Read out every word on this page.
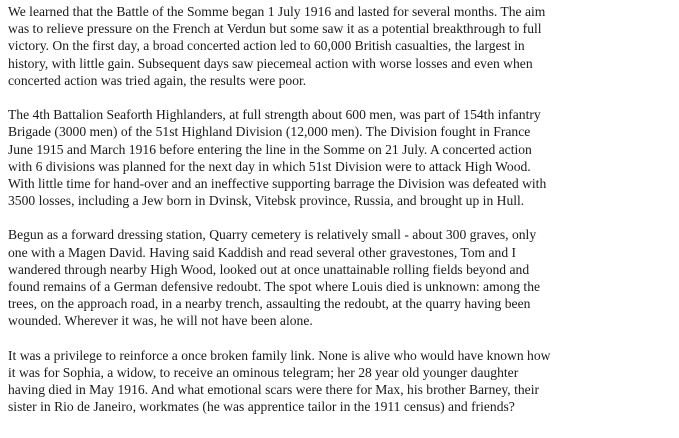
We learned that the Battle of the Somme began 1 July 1916 and lasted for several months. The aim
was to relieve pressure on the French at Verdun but some saw it as a potential breakthrough to full
victory. On the first day, a broad concerted action led to 60,000 British casualties, the largest in
history, with little gain. Subsequent days saw piecemeal action with worse losses and even when
concerted action was tried again, the results were poor.
The 4th Battalion Seaforth Highlanders, at full strength about 600 men, was part of 154th infantry
Brigade (3000 men) of the 51st Highland Division (12,000 men). The Division fought in France
June 1915 and March 1916 before entering the line in the Somme on 21 July. A concerted action
with 6 divisions was planned for the next day in which 51st Division were to attack High Wood.
With little time for hand-over and an ineffective supporting barrage the Division was defeated with
3500 losses, including a Jew born in Dvinsk, Vitebsk province, Russia, and brought up in Hull.
Begun as a forward dressing station, Quarry cemetery is relatively small - about 300 graves, only
one with a Magen David. Having said Kaddish and read several other gravestones, Tom and I
wandered through nearby High Wood, looked out at once unattainable rolling fields beyond and
found remains of a German defensive redoubt. The spot where Louis died is unknown: among the
trees, on the approach road, in a nearby trench, assaulting the redoubt, at the quarry having been
wounded. Wherever it was, he will not have been alone.
It was a privilege to reinforce a once broken family link. None is alive who would have known how
it was for Sophia, a widow, to receive an ominous telegram; her 28 year old younger daughter
having died in May 1916. And what emotional scars were there for Max, his brother Barney, their
sister in Rio de Janeiro, workmates (he was apprentice tailor in the 1911 census) and friends?
